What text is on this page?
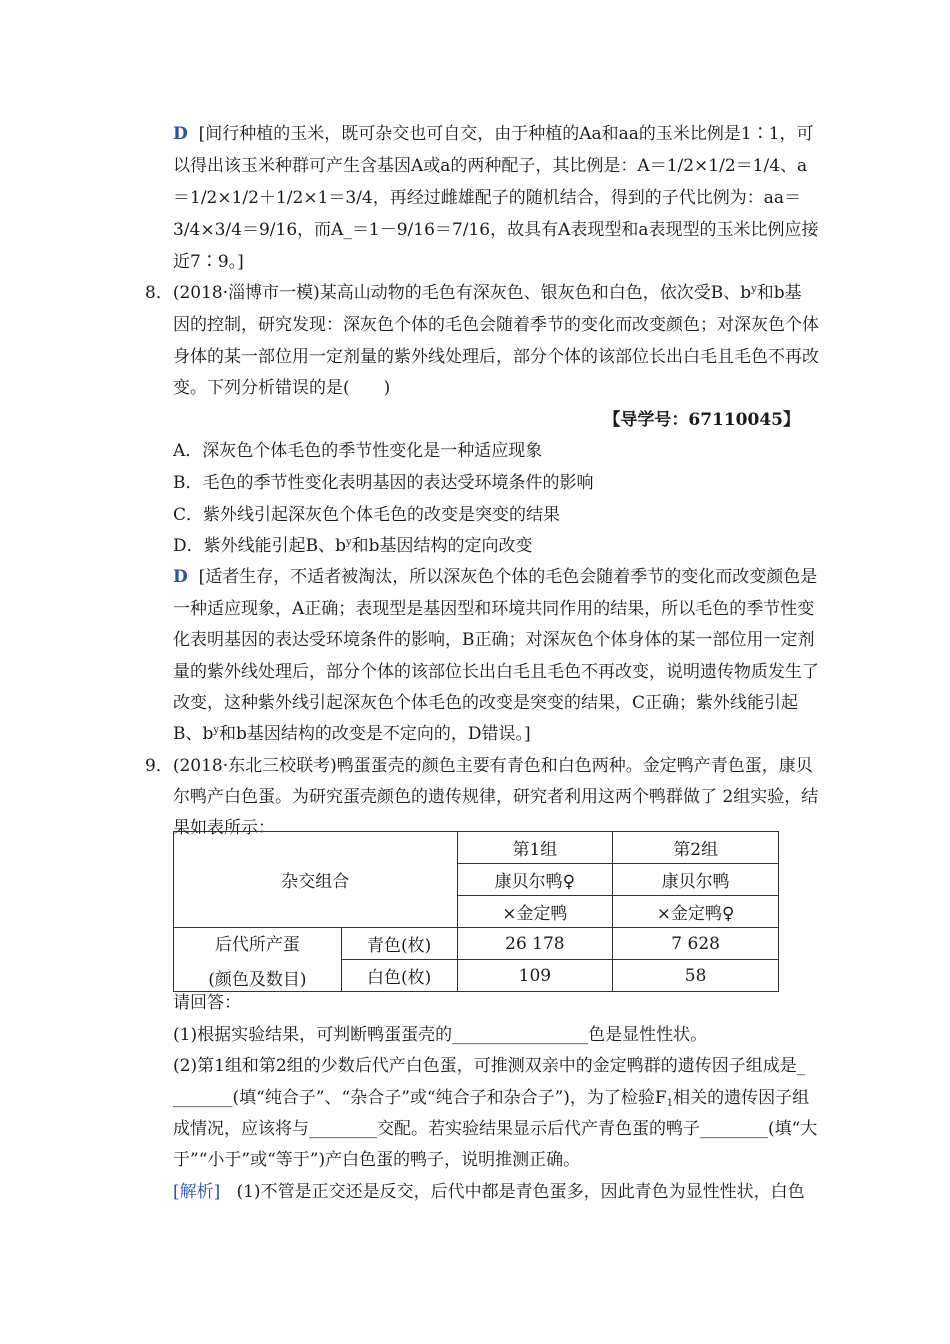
D [间行种植的玉米，既可杂交也可自交，由于种植的Aa和aa的玉米比例是1∶1，可
以得出该玉米种群可产生含基因A或a的两种配子，其比例是：A＝1/2×1/2＝1/4、a
＝1/2×1/2＋1/2×1＝3/4，再经过雌雄配子的随机结合，得到的子代比例为：aa＝
3/4×3/4＝9/16，而A_＝1－9/16＝7/16，故具有A表现型和a表现型的玉米比例应接
近7∶9。]
8．(2018·淄博市一模)某高山动物的毛色有深灰色、银灰色和白色，依次受B、$b^y$和b基
因的控制，研究发现：深灰色个体的毛色会随着季节的变化而改变颜色；对深灰色个体
身体的某一部位用一定剂量的紫外线处理后，部分个体的该部位长出白毛且毛色不再改
变。下列分析错误的是(　　)
【导学号：67110045】
A．深灰色个体毛色的季节性变化是一种适应现象
B．毛色的季节性变化表明基因的表达受环境条件的影响
C．紫外线引起深灰色个体毛色的改变是突变的结果
D．紫外线能引起B、$b^y$和b基因结构的定向改变
D [适者生存，不适者被淘汰，所以深灰色个体的毛色会随着季节的变化而改变颜色是
一种适应现象，A正确；表现型是基因型和环境共同作用的结果，所以毛色的季节性变
化表明基因的表达受环境条件的影响，B正确；对深灰色个体身体的某一部位用一定剂
量的紫外线处理后，部分个体的该部位长出白毛且毛色不再改变，说明遗传物质发生了
改变，这种紫外线引起深灰色个体毛色的改变是突变的结果，C正确；紫外线能引起
B、$b^y$和b基因结构的改变是不定向的，D错误。]
9．(2018·东北三校联考)鸭蛋蛋壳的颜色主要有青色和白色两种。金定鸭产青色蛋，康贝
尔鸭产白色蛋。为研究蛋壳颜色的遗传规律，研究者利用这两个鸭群做了 2组实验，结
果如表所示：
杂交组合		第1组	第2组
		康贝尔鸭♀	康贝尔鸭
		×金定鸭	×金定鸭♀

后代所产蛋
(颜色及数目)	青色(枚)	26 178	7 628
	白色(枚)	109	58
请回答：
(1)根据实验结果，可判断鸭蛋蛋壳的________________色是显性性状。
(2)第1组和第2组的少数后代产白色蛋，可推测双亲中的金定鸭群的遗传因子组成是_
_______(填“纯合子”、“杂合子”或“纯合子和杂合子”)，为了检验$F_1$相关的遗传因子组
成情况，应该将与________交配。若实验结果显示后代产青色蛋的鸭子________(填“大
于”“小于”或“等于”)产白色蛋的鸭子，说明推测正确。
[解析] (1)不管是正交还是反交，后代中都是青色蛋多，因此青色为显性性状，白色
